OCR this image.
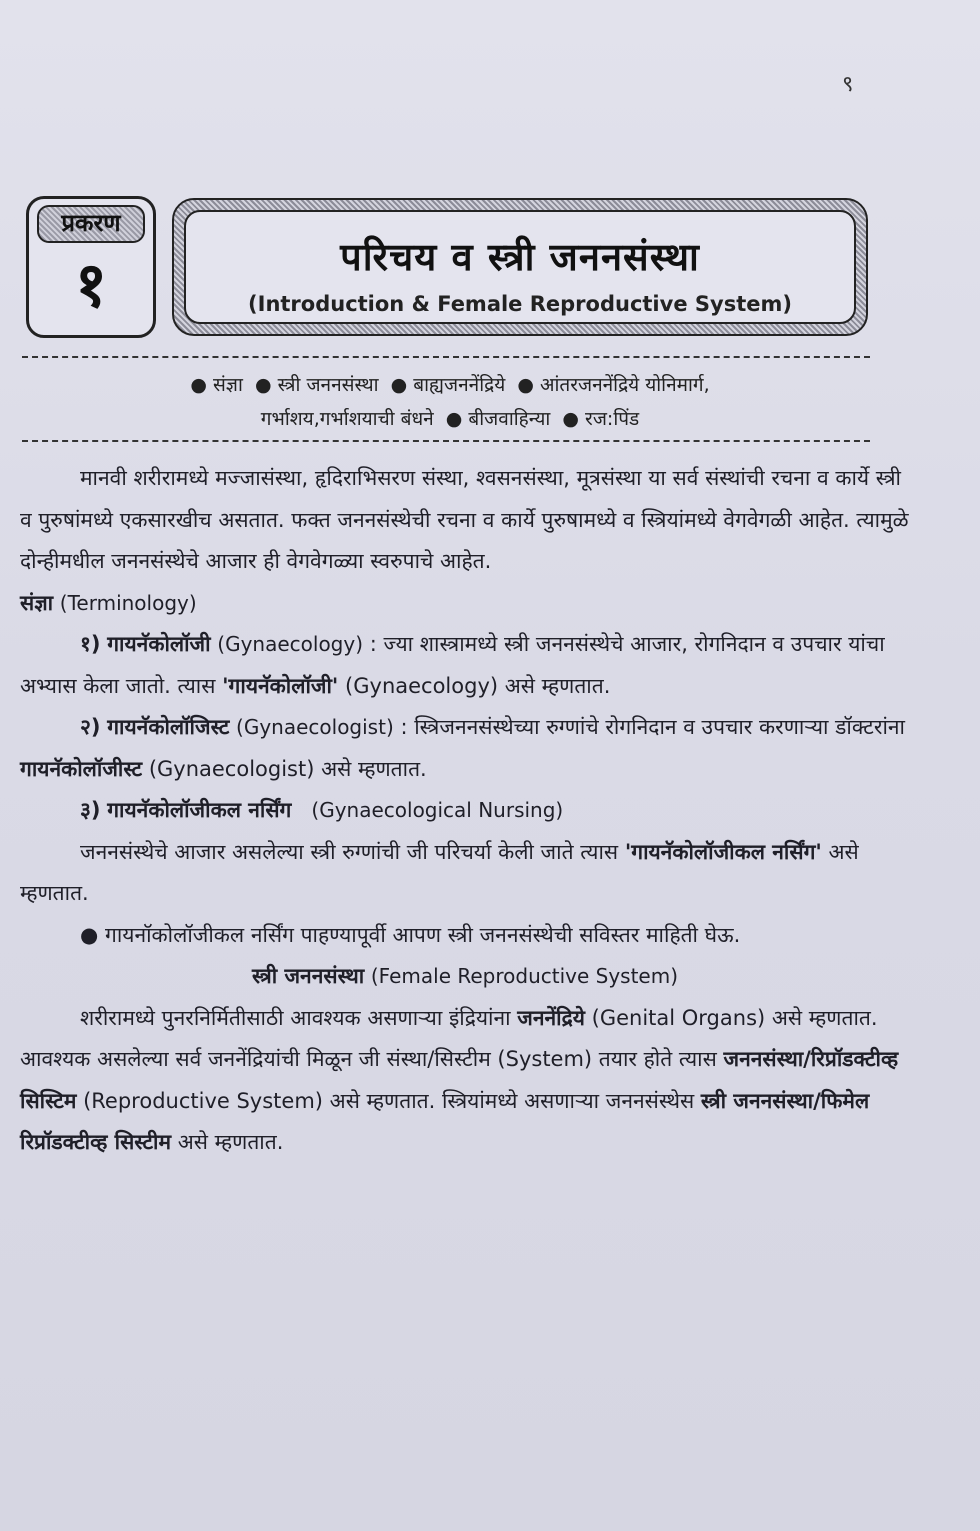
९
प्रकरण
१	परिचय व स्त्री जननसंस्था
(Introduction & Female Reproductive System)
● संज्ञा  ● स्त्री जननसंस्था  ● बाह्यजननेंद्रिये  ● आंतरजननेंद्रिये योनिमार्ग,
गर्भाशय,गर्भाशयाची बंधने  ● बीजवाहिन्या  ● रज:पिंड

मानवी शरीरामध्ये मज्जासंस्था, हृदिराभिसरण संस्था, श्वसनसंस्था, मूत्रसंस्था या सर्व संस्थांची रचना व कार्ये स्त्री व पुरुषांमध्ये एकसारखीच असतात. फक्त जननसंस्थेची रचना व कार्ये पुरुषामध्ये व स्त्रियांमध्ये वेगवेगळी आहेत. त्यामुळे दोन्हीमधील जननसंस्थेचे आजार ही वेगवेगळ्या स्वरुपाचे आहेत.

संज्ञा (Terminology)

१) गायनॅकोलॉजी (Gynaecology) : ज्या शास्त्रामध्ये स्त्री जननसंस्थेचे आजार, रोगनिदान व उपचार यांचा अभ्यास केला जातो. त्यास 'गायनॅकोलॉजी' (Gynaecology) असे म्हणतात.

२) गायनॅकोलॉजिस्ट (Gynaecologist) : स्त्रिजननसंस्थेच्या रुग्णांचे रोगनिदान व उपचार करणाऱ्या डॉक्टरांना गायनॅकोलॉजीस्ट (Gynaecologist) असे म्हणतात.

३) गायनॅकोलॉजीकल नर्सिंग (Gynaecological Nursing)

जननसंस्थेचे आजार असलेल्या स्त्री रुग्णांची जी परिचर्या केली जाते त्यास 'गायनॅकोलॉजीकल नर्सिंग' असे म्हणतात.

● गायनॉकोलॉजीकल नर्सिंग पाहण्यापूर्वी आपण स्त्री जननसंस्थेची सविस्तर माहिती घेऊ.

स्त्री जननसंस्था (Female Reproductive System)

शरीरामध्ये पुनरनिर्मितीसाठी आवश्यक असणाऱ्या इंद्रियांना जननेंद्रिये (Genital Organs) असे म्हणतात. आवश्यक असलेल्या सर्व जननेंद्रियांची मिळून जी संस्था/सिस्टीम (System) तयार होते त्यास जननसंस्था/रिप्रॉडक्टीव्ह सिस्टिम (Reproductive System) असे म्हणतात. स्त्रियांमध्ये असणाऱ्या जननसंस्थेस स्त्री जननसंस्था/फिमेल रिप्रॉडक्टीव्ह सिस्टीम असे म्हणतात.
